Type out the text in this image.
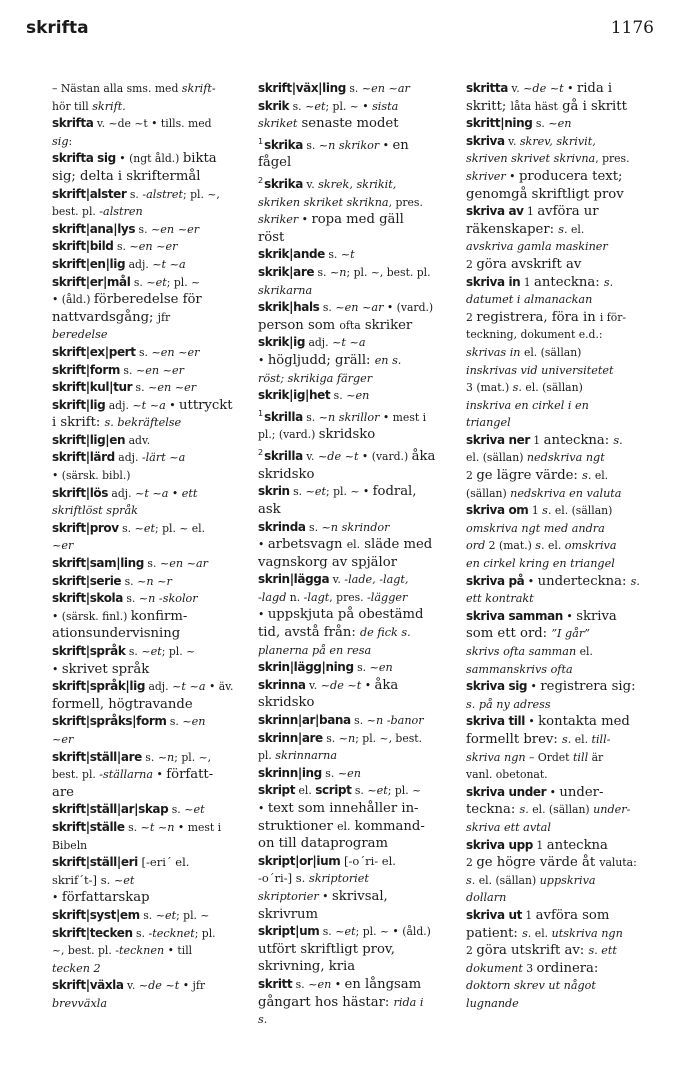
skrifta	1176
– Nästan alla sms. med skrift-
hör till skrift.
skrifta v. ~de ~t • tills. med
sig:
skrifta sig • (ngt åld.) bikta
sig; delta i skriftermål
skrift|alster s. -alstret; pl. ~,
best. pl. -alstren
skrift|ana|lys s. ~en ~er
skrift|bild s. ~en ~er
skrift|en|lig adj. ~t ~a
skrift|er|mål s. ~et; pl. ~
• (åld.) förberedelse för
nattvardsgång; jfr
beredelse
skrift|ex|pert s. ~en ~er
skrift|form s. ~en ~er
skrift|kul|tur s. ~en ~er
skrift|lig adj. ~t ~a • uttryckt
i skrift: s. bekräftelse
skrift|lig|en adv.
skrift|lärd adj. -lärt ~a
• (särsk. bibl.)
skrift|lös adj. ~t ~a • ett
skriftlöst språk
skrift|prov s. ~et; pl. ~ el.
~er
skrift|sam|ling s. ~en ~ar
skrift|serie s. ~n ~r
skrift|skola s. ~n -skolor
• (särsk. finl.) konfirm-
ationsundervisning
skrift|språk s. ~et; pl. ~
• skrivet språk
skrift|språk|lig adj. ~t ~a • äv.
formell, högtravande
skrift|språks|form s. ~en
~er
skrift|ställ|are s. ~n; pl. ~,
best. pl. -ställarna • författ-
are
skrift|ställ|ar|skap s. ~et
skrift|ställe s. ~t ~n • mest i
Bibeln
skrift|ställ|eri [-eri´ el.
skrif´t-] s. ~et
• författarskap
skrift|syst|em s. ~et; pl. ~
skrift|tecken s. -tecknet; pl.
~, best. pl. -tecknen • till
tecken 2
skrift|växla v. ~de ~t • jfr
brevväxla
skrift|väx|ling s. ~en ~ar
skrik s. ~et; pl. ~ • sista
skriket senaste modet
$^1$skrika s. ~n skrikor • en
fågel
$^2$skrika v. skrek, skrikit,
skriken skriket skrikna, pres.
skriker • ropa med gäll
röst
skrik|ande s. ~t
skrik|are s. ~n; pl. ~, best. pl.
skrikarna
skrik|hals s. ~en ~ar • (vard.)
person som ofta skriker
skrik|ig adj. ~t ~a
• högljudd; gräll: en s.
röst; skrikiga färger
skrik|ig|het s. ~en
$^1$skrilla s. ~n skrillor • mest i
pl.; (vard.) skridsko
$^2$skrilla v. ~de ~t • (vard.) åka
skridsko
skrin s. ~et; pl. ~ • fodral,
ask
skrinda s. ~n skrindor
• arbetsvagn el. släde med
vagnskorg av spjälor
skrin|lägga v. -lade, -lagt,
-lagd n. -lagt, pres. -lägger
• uppskjuta på obestämd
tid, avstå från: de fick s.
planerna på en resa
skrin|lägg|ning s. ~en
skrinna v. ~de ~t • åka
skridsko
skrinn|ar|bana s. ~n -banor
skrinn|are s. ~n; pl. ~, best.
pl. skrinnarna
skrinn|ing s. ~en
skript el. script s. ~et; pl. ~
• text som innehåller in-
struktioner el. kommand-
on till dataprogram
skript|or|ium [-o´ri- el.
-o´ri-] s. skriptoriet
skriptorier • skrivsal,
skrivrum
skript|um s. ~et; pl. ~ • (åld.)
utfört skriftligt prov,
skrivning, kria
skritt s. ~en • en långsam
gångart hos hästar: rida i
s.
skritta v. ~de ~t • rida i
skritt; låta häst gå i skritt
skritt|ning s. ~en
skriva v. skrev, skrivit,
skriven skrivet skrivna, pres.
skriver • producera text;
genomgå skriftligt prov
skriva av 1 avföra ur
räkenskaper: s. el.
avskriva gamla maskiner
2 göra avskrift av
skriva in 1 anteckna: s.
datumet i almanackan
2 registrera, föra in i för-
teckning, dokument e.d.:
skrivas in el. (sällan)
inskrivas vid universitetet
3 (mat.) s. el. (sällan)
inskriva en cirkel i en
triangel
skriva ner 1 anteckna: s.
el. (sällan) nedskriva ngt
2 ge lägre värde: s. el.
(sällan) nedskriva en valuta
skriva om 1 s. el. (sällan)
omskriva ngt med andra
ord 2 (mat.) s. el. omskriva
en cirkel kring en triangel
skriva på • underteckna: s.
ett kontrakt
skriva samman • skriva
som ett ord: ”I går”
skrivs ofta samman el.
sammanskrivs ofta
skriva sig • registrera sig:
s. på ny adress
skriva till • kontakta med
formellt brev: s. el. till-
skriva ngn – Ordet till är
vanl. obetonat.
skriva under • under-
teckna: s. el. (sällan) under-
skriva ett avtal
skriva upp 1 anteckna
2 ge högre värde åt valuta:
s. el. (sällan) uppskriva
dollarn
skriva ut 1 avföra som
patient: s. el. utskriva ngn
2 göra utskrift av: s. ett
dokument 3 ordinera:
doktorn skrev ut något
lugnande
